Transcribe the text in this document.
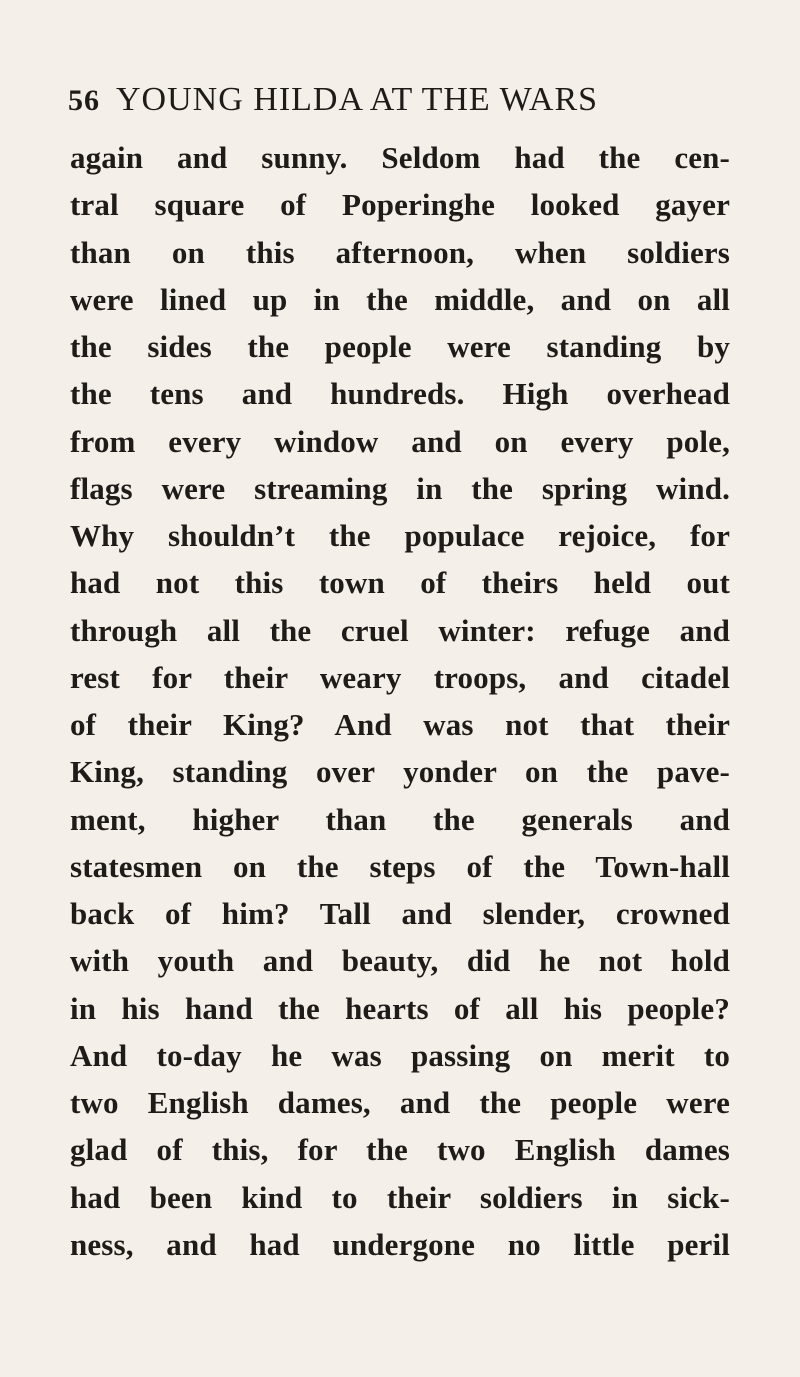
56 YOUNG HILDA AT THE WARS
again and sunny. Seldom had the cen-
tral square of Poperinghe looked gayer
than on this afternoon, when soldiers
were lined up in the middle, and on all
the sides the people were standing by
the tens and hundreds. High overhead
from every window and on every pole,
flags were streaming in the spring wind.
Why shouldn’t the populace rejoice, for
had not this town of theirs held out
through all the cruel winter: refuge and
rest for their weary troops, and citadel
of their King? And was not that their
King, standing over yonder on the pave-
ment, higher than the generals and
statesmen on the steps of the Town-hall
back of him? Tall and slender, crowned
with youth and beauty, did he not hold
in his hand the hearts of all his people?
And to-day he was passing on merit to
two English dames, and the people were
glad of this, for the two English dames
had been kind to their soldiers in sick-
ness, and had undergone no little peril
